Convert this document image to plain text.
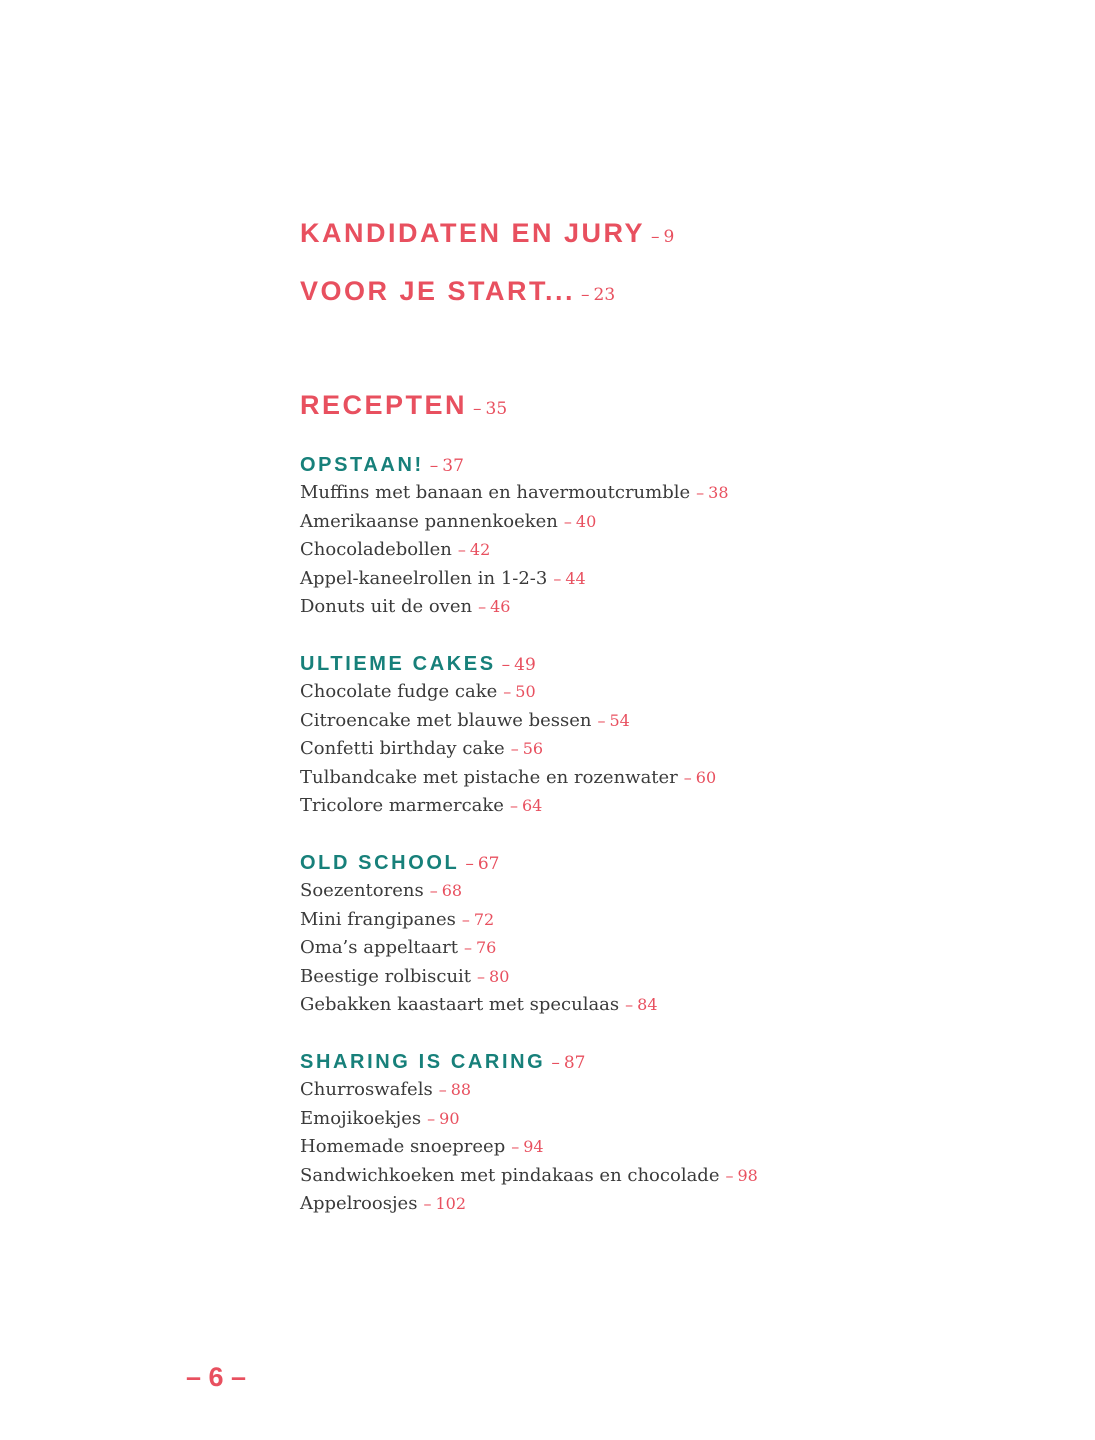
KANDIDATEN EN JURY – 9
VOOR JE START... – 23
RECEPTEN – 35
OPSTAAN! – 37
Muffins met banaan en havermoutcrumble – 38
Amerikaanse pannenkoeken – 40
Chocoladebollen – 42
Appel-kaneelrollen in 1-2-3 – 44
Donuts uit de oven – 46
ULTIEME CAKES – 49
Chocolate fudge cake – 50
Citroencake met blauwe bessen – 54
Confetti birthday cake – 56
Tulbandcake met pistache en rozenwater – 60
Tricolore marmercake – 64
OLD SCHOOL – 67
Soezentorens – 68
Mini frangipanes – 72
Oma’s appeltaart – 76
Beestige rolbiscuit – 80
Gebakken kaastaart met speculaas – 84
SHARING IS CARING – 87
Churroswafels – 88
Emojikoekjes – 90
Homemade snoepreep – 94
Sandwichkoeken met pindakaas en chocolade – 98
Appelroosjes – 102
– 6 –
